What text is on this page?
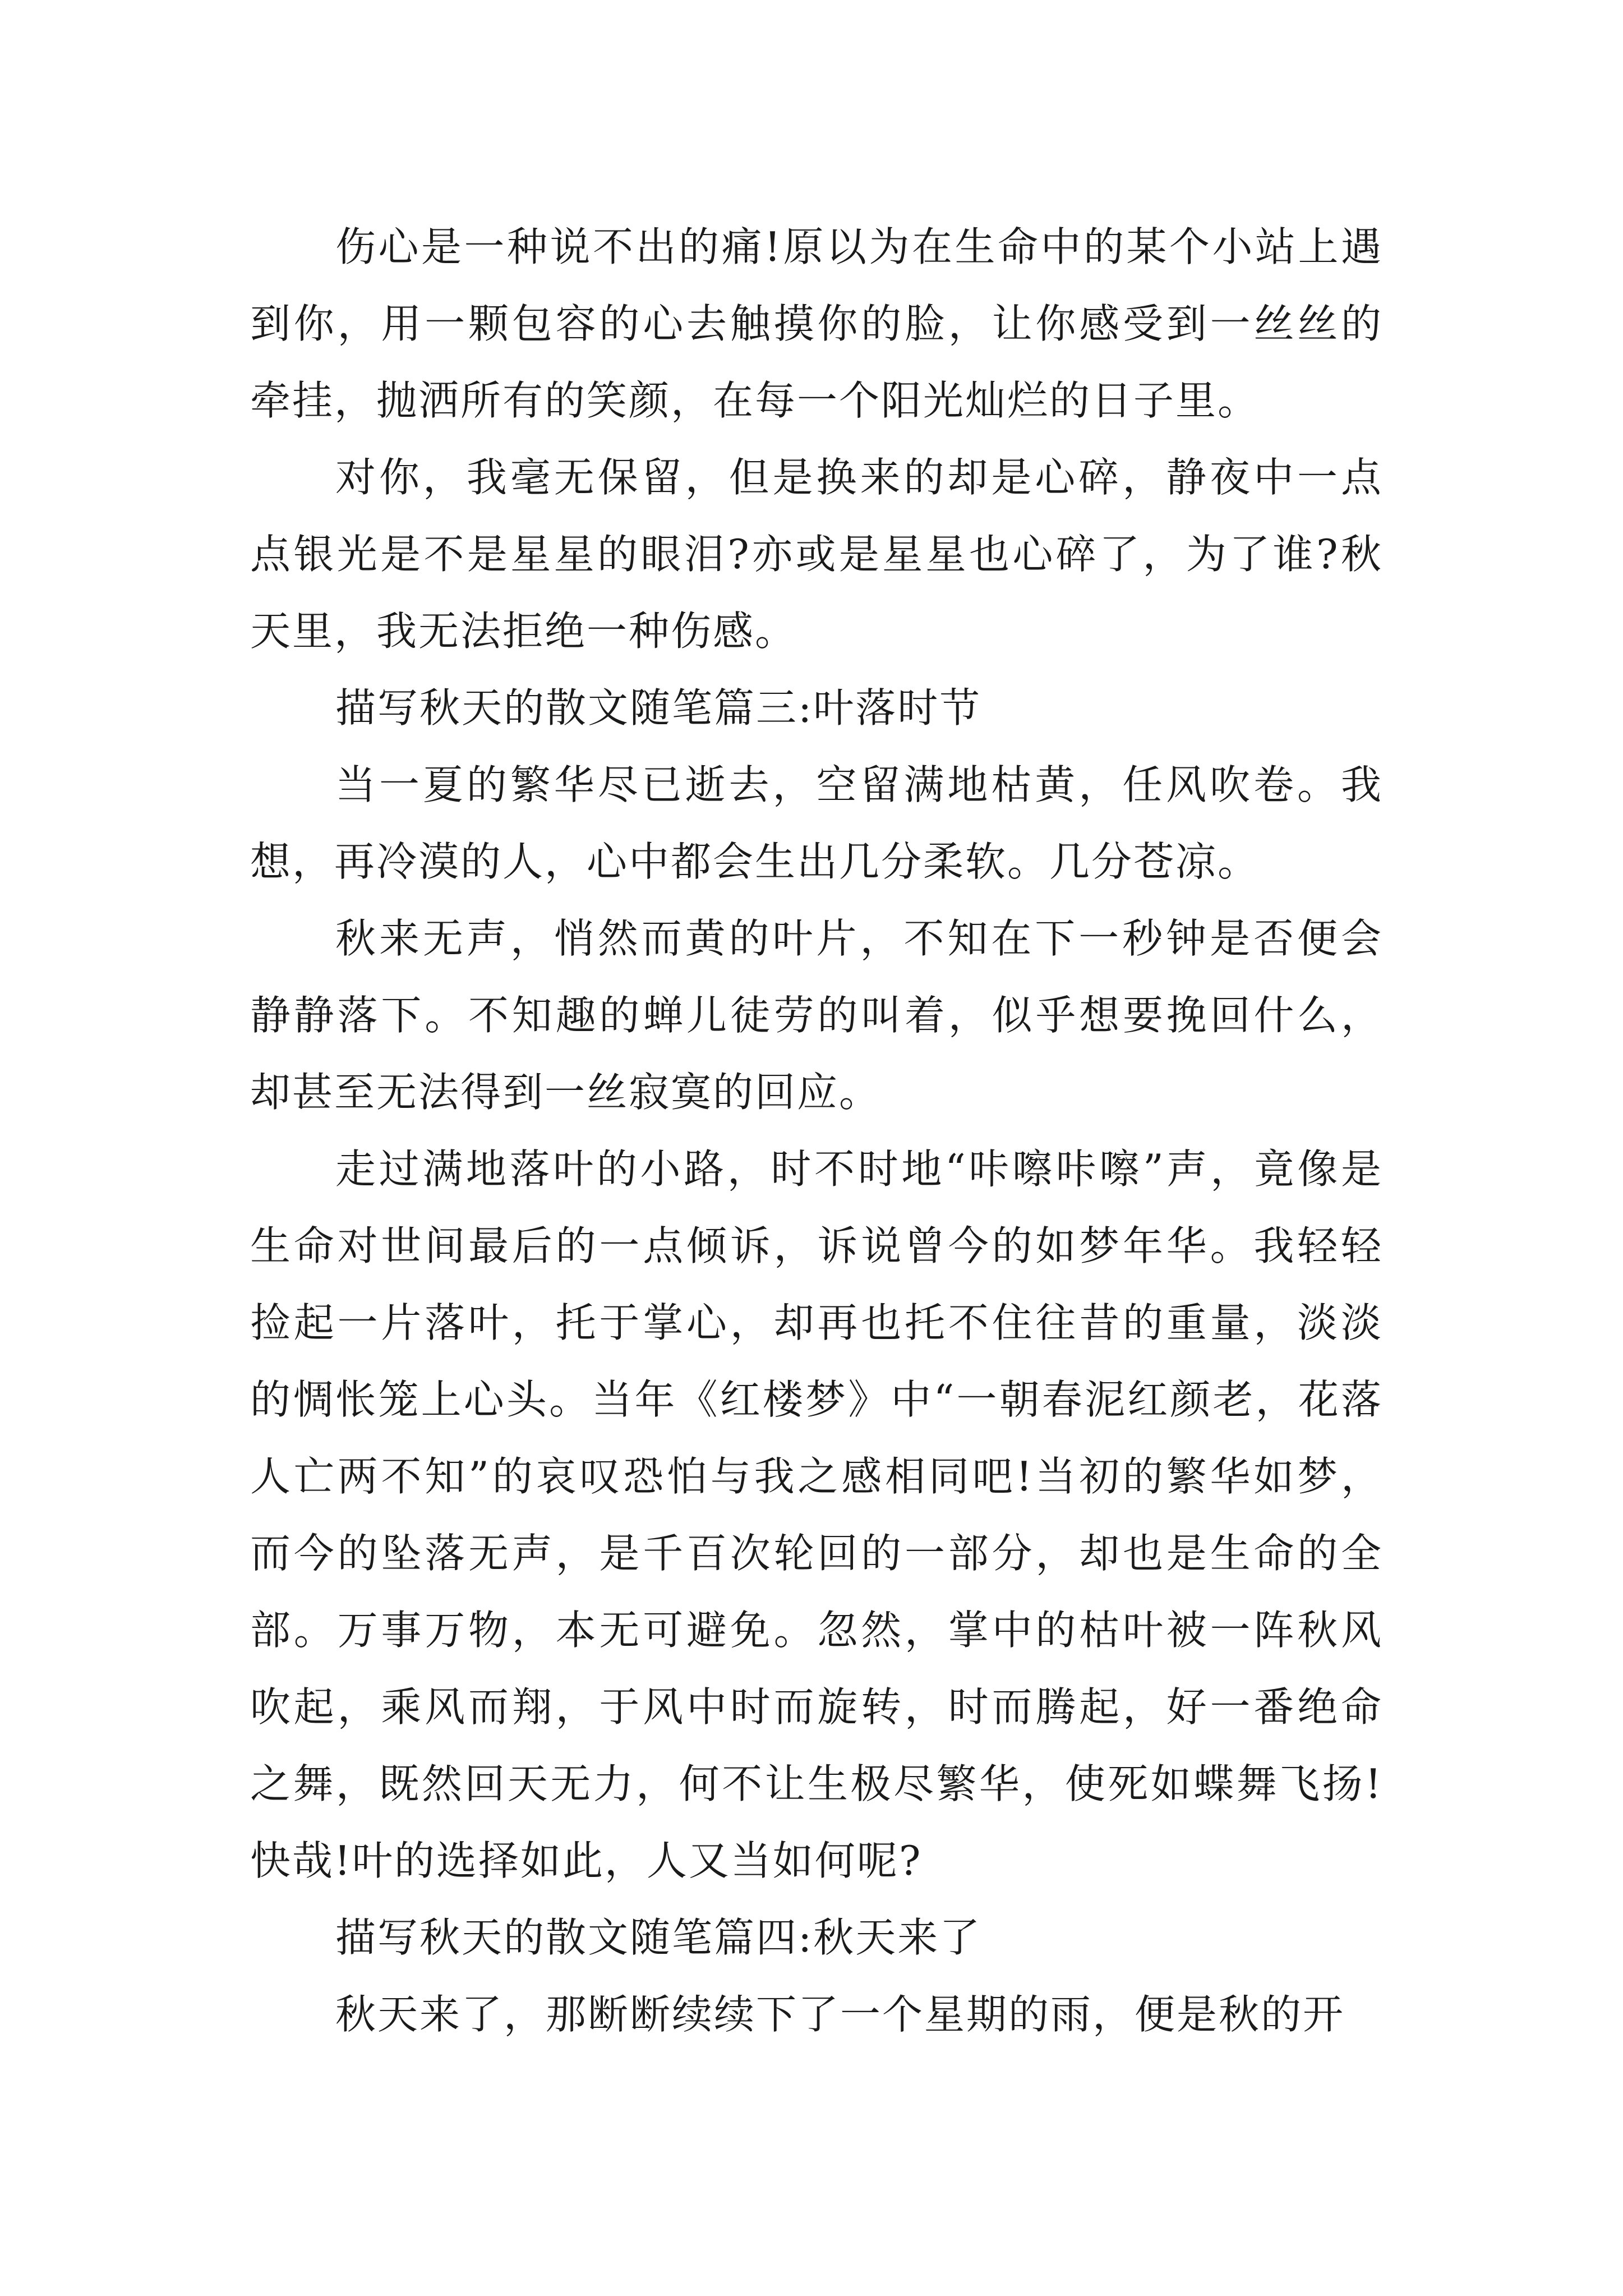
伤心是一种说不出的痛!原以为在生命中的某个小站上遇到你，用一颗包容的心去触摸你的脸，让你感受到一丝丝的牵挂，抛洒所有的笑颜，在每一个阳光灿烂的日子里。

对你，我毫无保留，但是换来的却是心碎，静夜中一点点银光是不是星星的眼泪?亦或是星星也心碎了，为了谁?秋天里，我无法拒绝一种伤感。

描写秋天的散文随笔篇三:叶落时节

当一夏的繁华尽已逝去，空留满地枯黄，任风吹卷。我想，再冷漠的人，心中都会生出几分柔软。几分苍凉。

秋来无声，悄然而黄的叶片，不知在下一秒钟是否便会静静落下。不知趣的蝉儿徒劳的叫着，似乎想要挽回什么，却甚至无法得到一丝寂寞的回应。

走过满地落叶的小路，时不时地“咔嚓咔嚓”声，竟像是生命对世间最后的一点倾诉，诉说曾今的如梦年华。我轻轻捡起一片落叶，托于掌心，却再也托不住往昔的重量，淡淡的惆怅笼上心头。当年《红楼梦》中“一朝春泥红颜老，花落人亡两不知”的哀叹恐怕与我之感相同吧!当初的繁华如梦，而今的坠落无声，是千百次轮回的一部分，却也是生命的全部。万事万物，本无可避免。忽然，掌中的枯叶被一阵秋风吹起，乘风而翔，于风中时而旋转，时而腾起，好一番绝命之舞，既然回天无力，何不让生极尽繁华，使死如蝶舞飞扬!快哉!叶的选择如此，人又当如何呢?

描写秋天的散文随笔篇四:秋天来了

秋天来了，那断断续续下了一个星期的雨，便是秋的开
